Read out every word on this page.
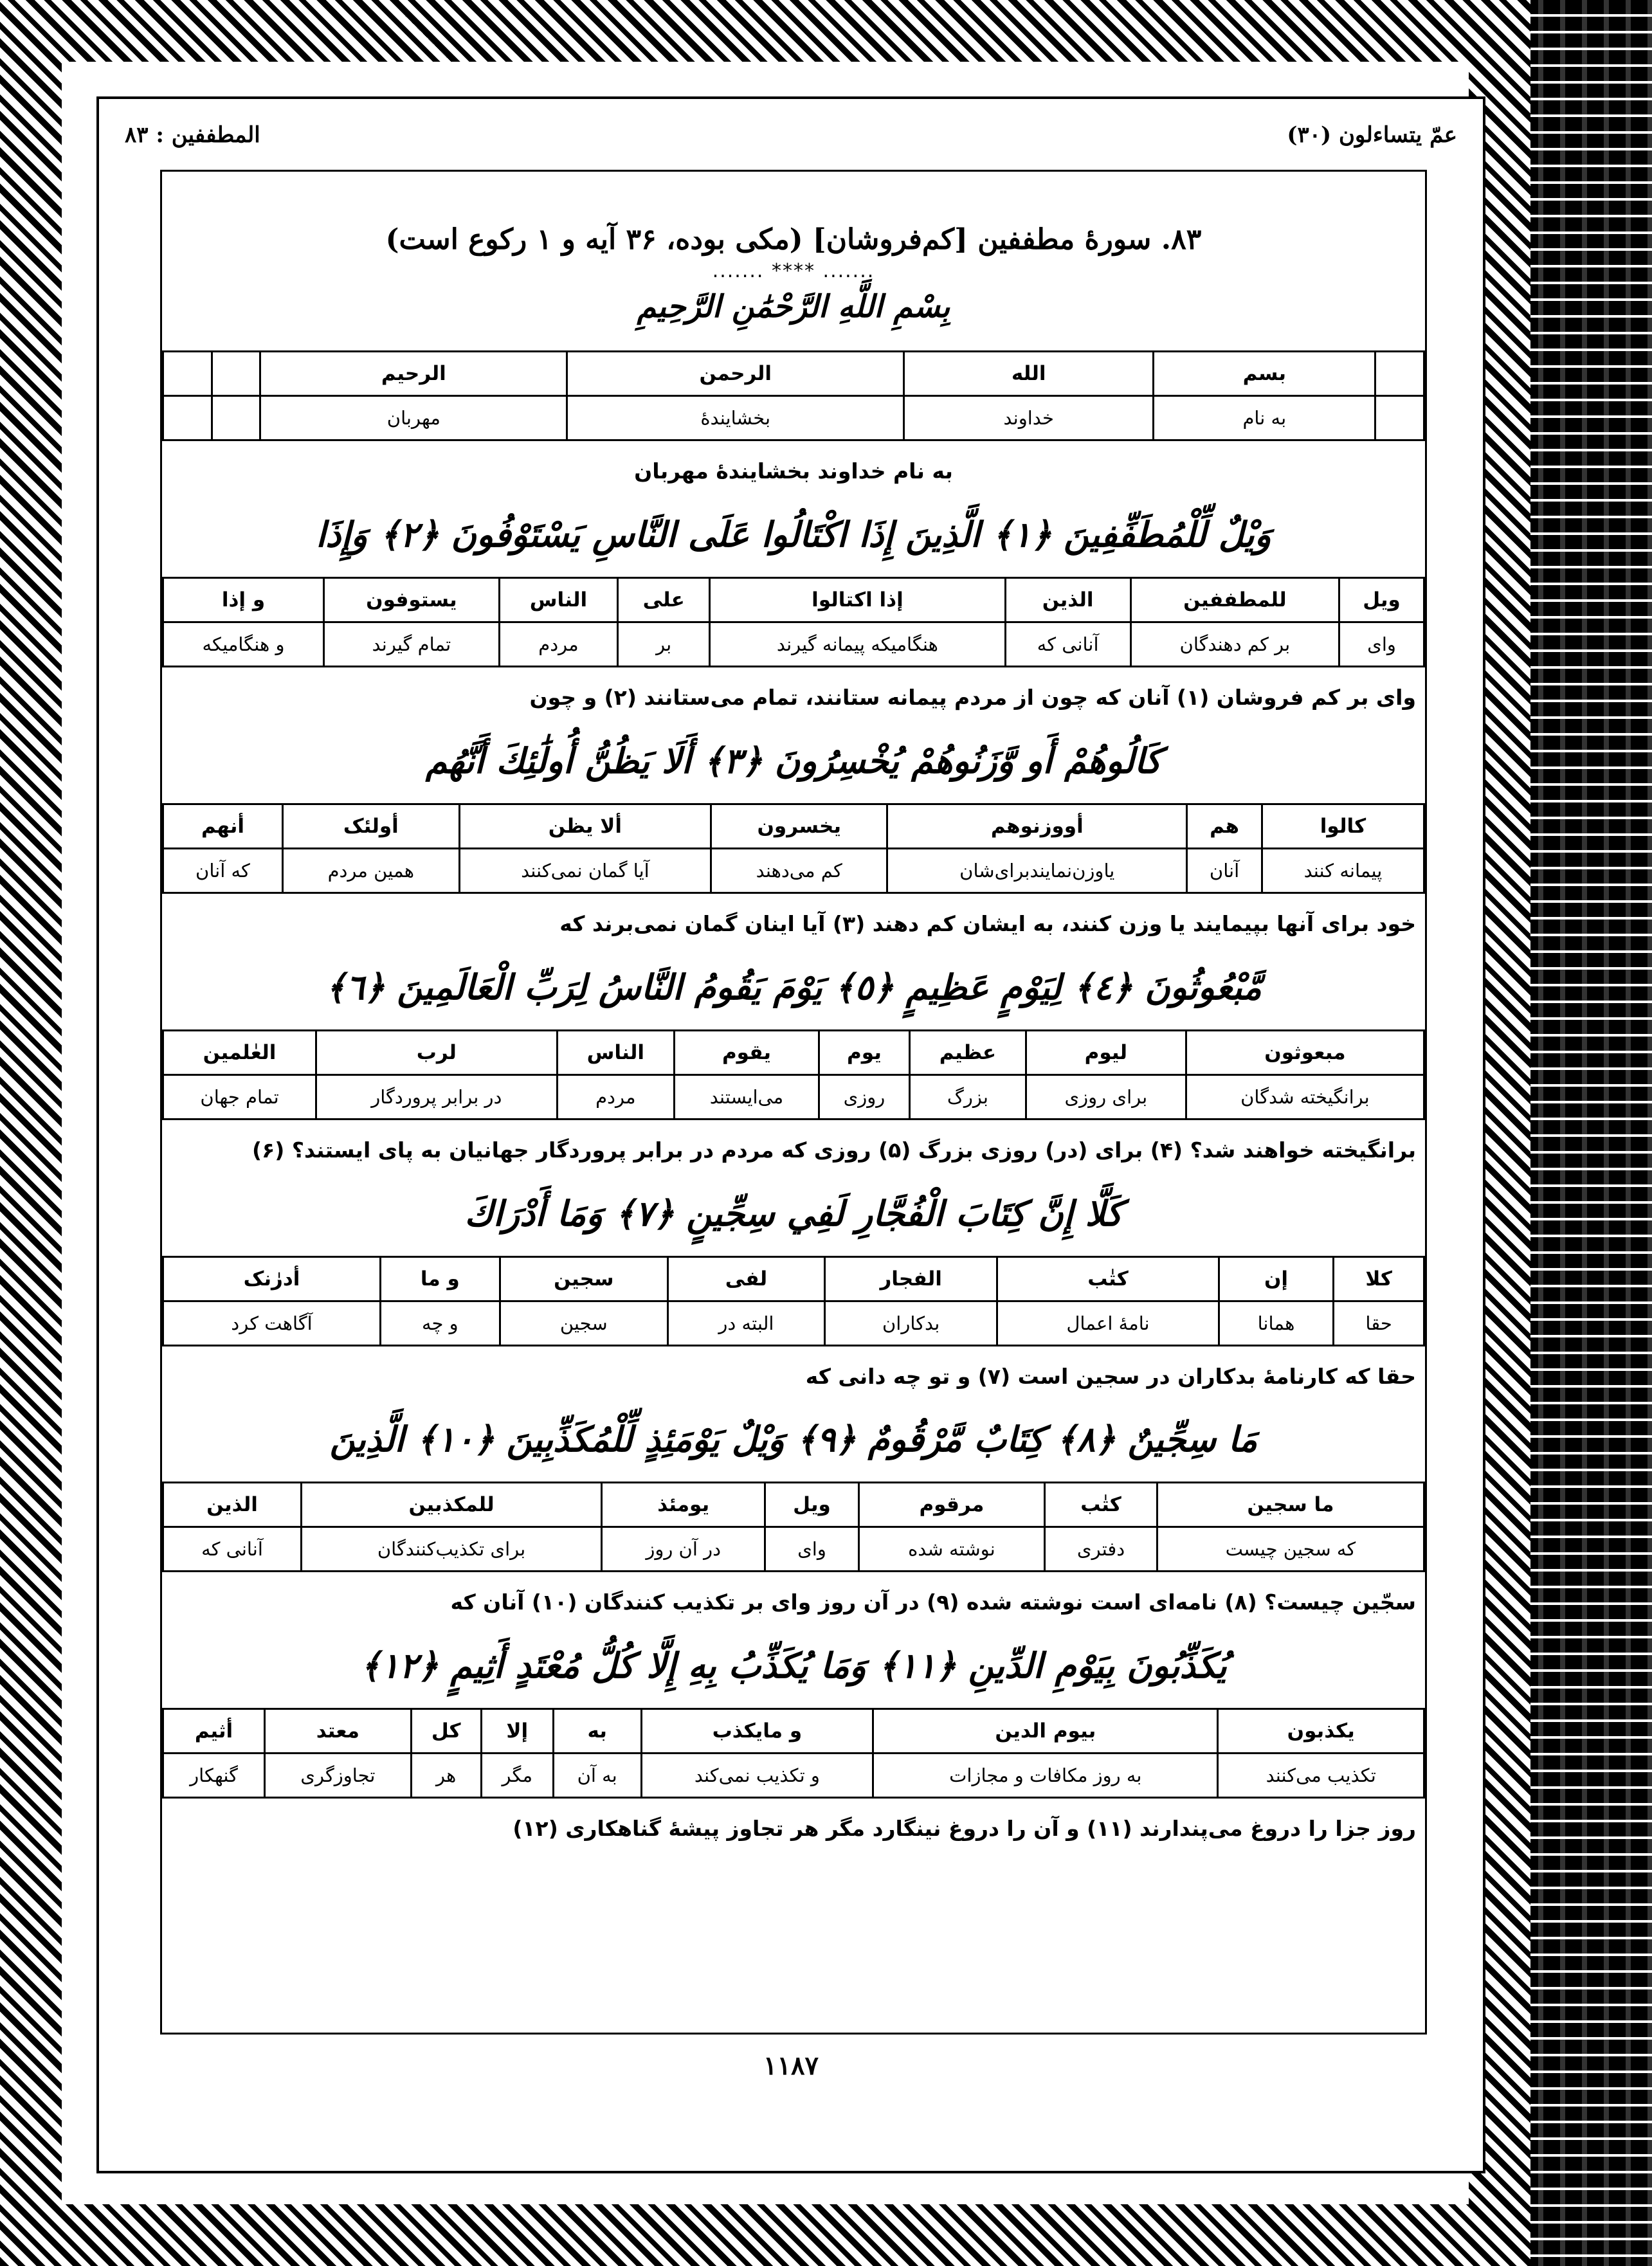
عمّ یتساءلون (۳۰)
المطففین : ۸۳
۸۳. سورۀ مطففین [کم‌فروشان] (مکی بوده، ۳۶ آیه و ۱ رکوع است)
....... **** .......
بِسْمِ اللَّهِ الرَّحْمَٰنِ الرَّحِيمِ
	بسم	الله	الرحمن	الرحیم		
	به نام	خداوند	بخشایندۀ	مهربان		
به نام خداوند بخشایندۀ مهربان
وَيْلٌ لِّلْمُطَفِّفِينَ ﴿١﴾ الَّذِينَ إِذَا اكْتَالُوا عَلَى النَّاسِ يَسْتَوْفُونَ ﴿٢﴾ وَإِذَا
ویل	للمطففین	الذین	إذا اکتالوا	علی	الناس	یستوفون	و إذا
وای	بر کم دهندگان	آنانی که	هنگامیکه پیمانه گیرند	بر	مردم	تمام گیرند	و هنگامیکه
وای بر کم فروشان (۱) آنان که چون از مردم پیمانه ستانند، تمام می‌ستانند (۲) و چون
كَالُوهُمْ أَو وَّزَنُوهُمْ يُخْسِرُونَ ﴿٣﴾ أَلَا يَظُنُّ أُولَٰئِكَ أَنَّهُم
کالوا	هم	أووزنوهم	یخسرون	ألا یظن	أولئک	أنهم
پیمانه کنند	آنان	یاوزن‌نمایندبرای‌شان	کم می‌دهند	آیا گمان نمی‌کنند	همین مردم	که آنان
خود برای آنها بپیمایند یا وزن کنند، به ایشان کم دهند (۳) آیا اینان گمان نمی‌برند که
مَّبْعُوثُونَ ﴿٤﴾ لِيَوْمٍ عَظِيمٍ ﴿٥﴾ يَوْمَ يَقُومُ النَّاسُ لِرَبِّ الْعَالَمِينَ ﴿٦﴾
مبعوثون	لیوم	عظیم	یوم	یقوم	الناس	لرب	العٰلمین
برانگیخته شدگان	برای روزی	بزرگ	روزی	می‌ایستند	مردم	در برابر پروردگار	تمام جهان
برانگیخته خواهند شد؟ (۴) برای (در) روزی بزرگ (۵) روزی که مردم در برابر پروردگار جهانیان به پای ایستند؟ (۶)
كَلَّا إِنَّ كِتَابَ الْفُجَّارِ لَفِي سِجِّينٍ ﴿٧﴾ وَمَا أَدْرَاكَ
کلا	إن	کتٰب	الفجار	لفی	سجین	و ما	أدرٰنک
حقا	همانا	نامۀ اعمال	بدکاران	البته در	سجین	و چه	آگاهت کرد
حقا که کارنامۀ بدکاران در سجین است (۷) و تو چه دانی که
مَا سِجِّينٌ ﴿٨﴾ كِتَابٌ مَّرْقُومٌ ﴿٩﴾ وَيْلٌ يَوْمَئِذٍ لِّلْمُكَذِّبِينَ ﴿١٠﴾ الَّذِينَ
ما سجین	کتٰب	مرقوم	ویل	یومئذ	للمکذبین	الذین
که سجین چیست	دفتری	نوشته شده	وای	در آن روز	برای تکذیب‌کنندگان	آنانی که
سجّین چیست؟ (۸) نامه‌ای است نوشته شده (۹) در آن روز وای بر تکذیب کنندگان (۱۰) آنان که
يُكَذِّبُونَ بِيَوْمِ الدِّينِ ﴿١١﴾ وَمَا يُكَذِّبُ بِهِ إِلَّا كُلُّ مُعْتَدٍ أَثِيمٍ ﴿١٢﴾
یکذبون	بیوم الدین	و مایکذب	به	إلا	کل	معتد	أثیم
تکذیب می‌کنند	به روز مکافات و مجازات	و تکذیب نمی‌کند	به آن	مگر	هر	تجاوزگری	گنهکار
روز جزا را دروغ می‌پندارند (۱۱) و آن را دروغ نینگارد مگر هر تجاوز پیشۀ گناهکاری (۱۲)
۱۱۸۷
